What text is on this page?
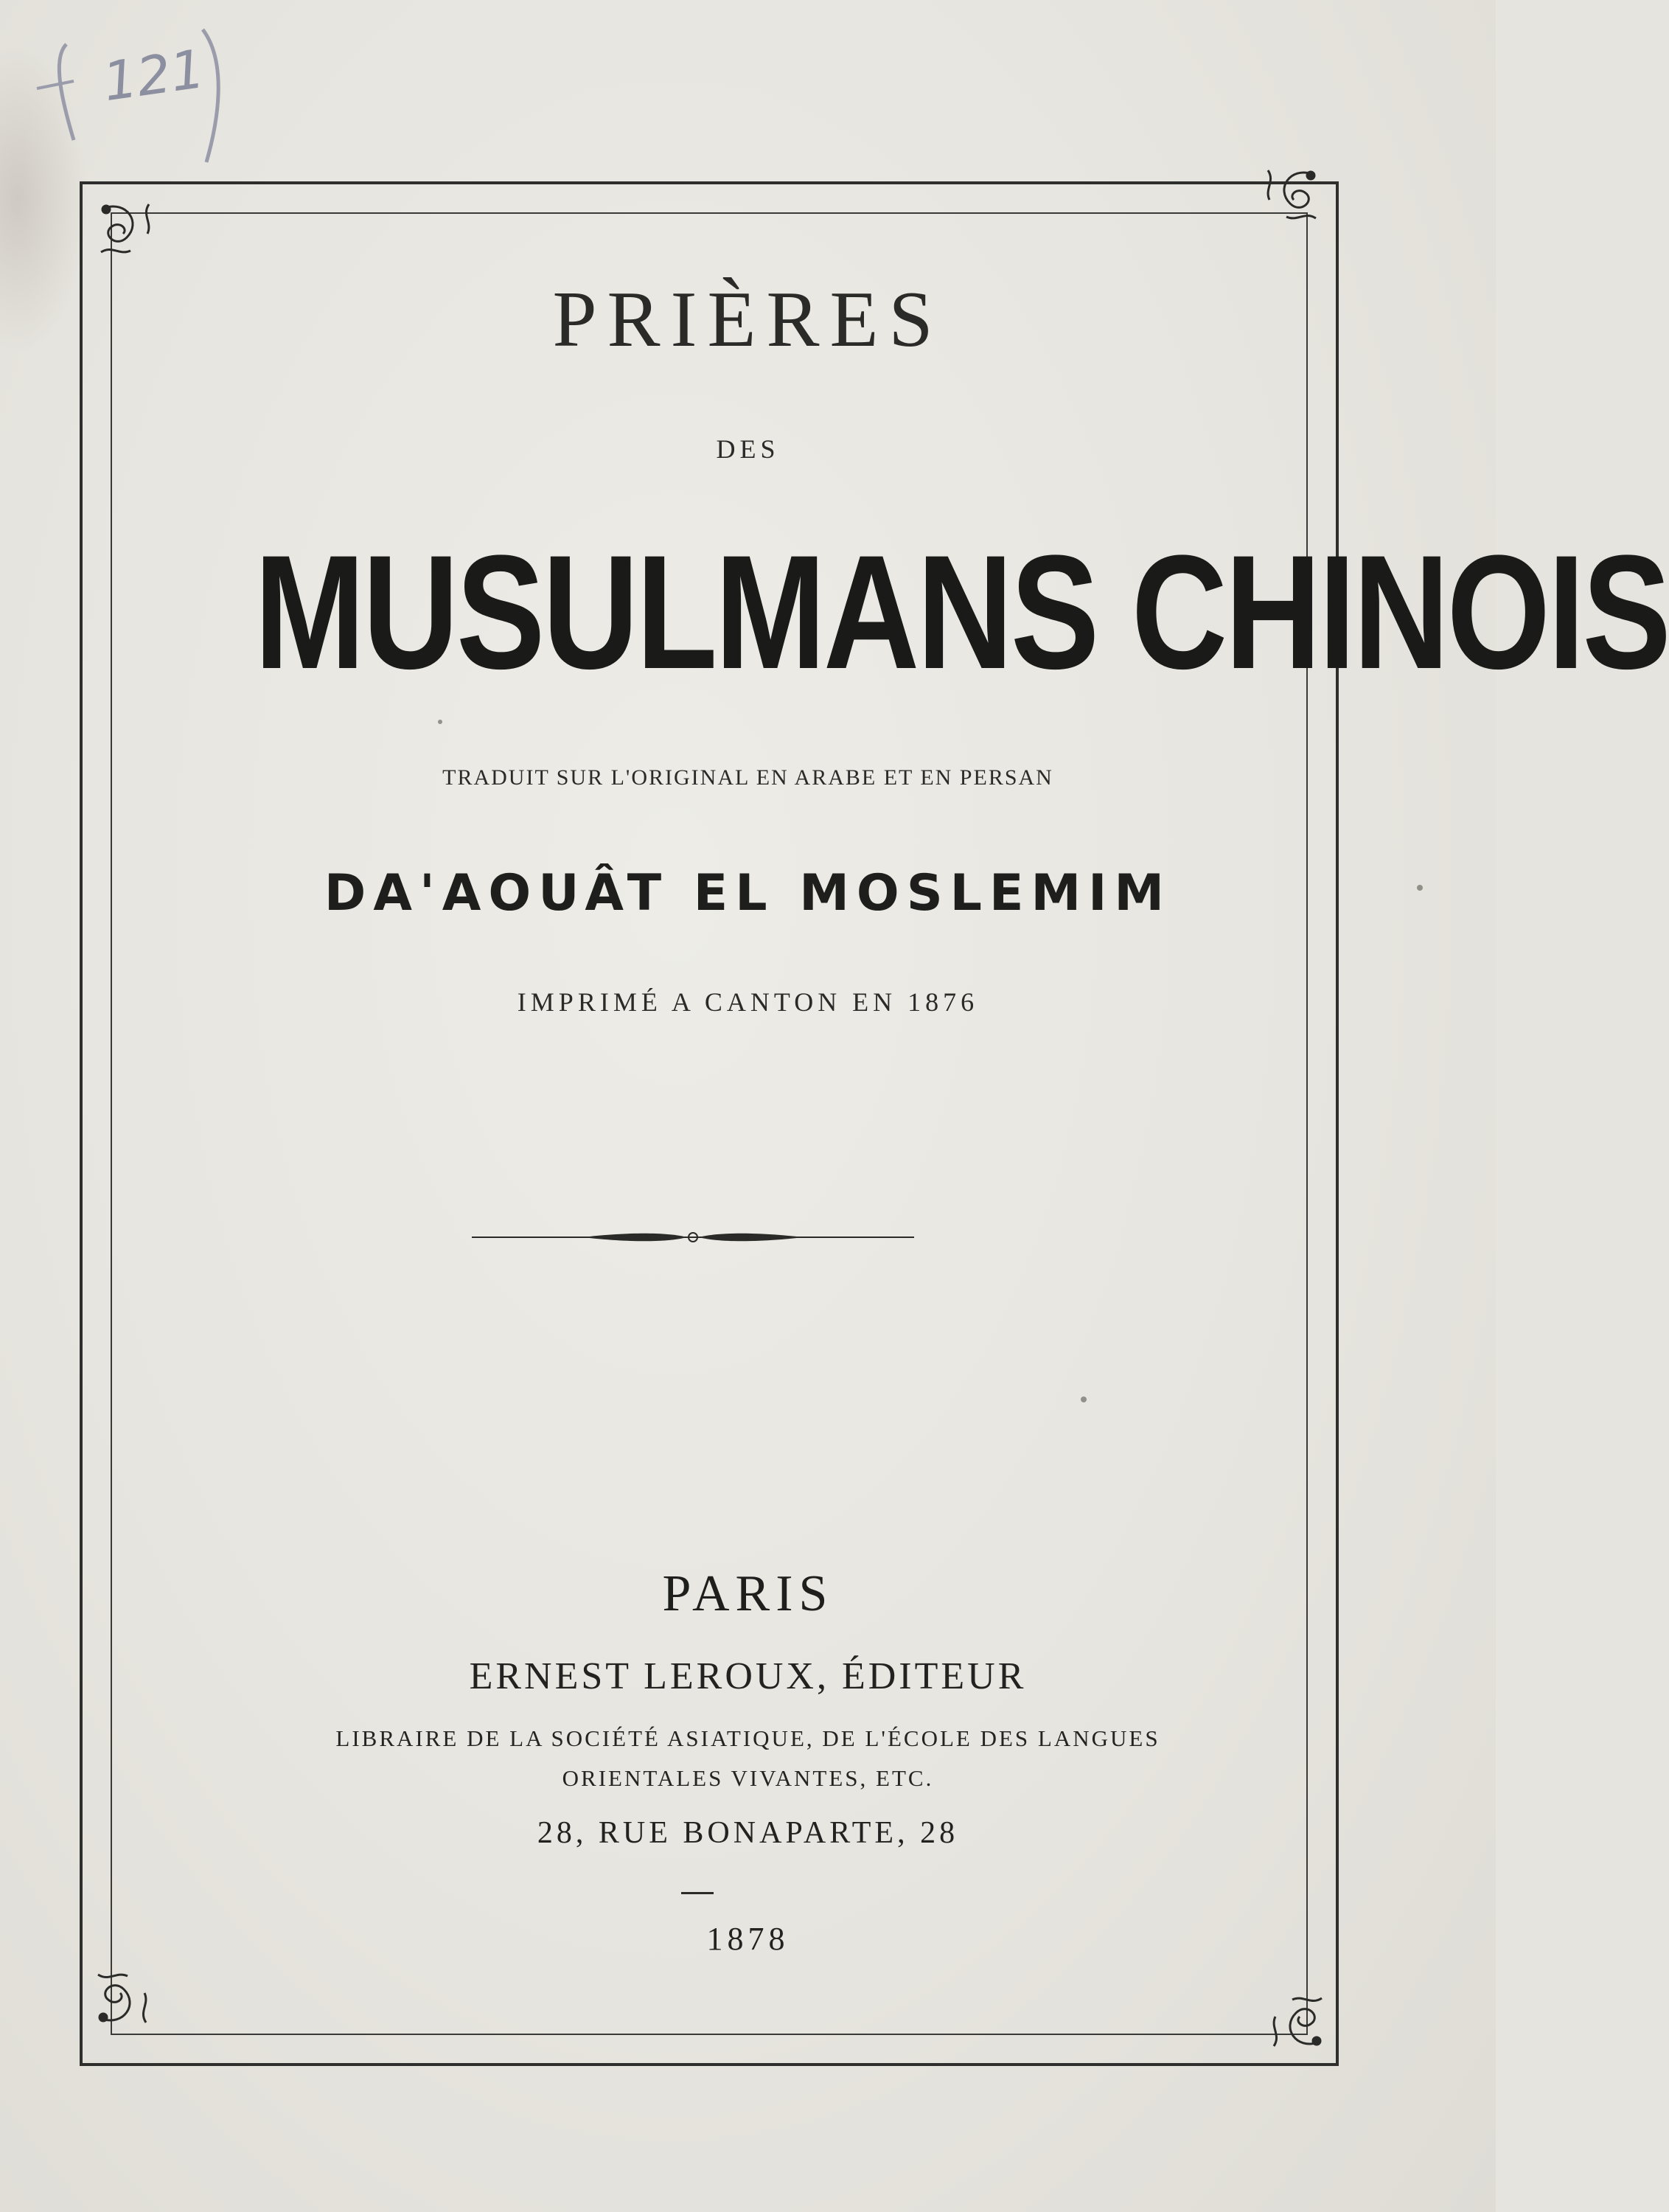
121
PRIÈRES
DES
MUSULMANS CHINOIS
TRADUIT SUR L'ORIGINAL EN ARABE ET EN PERSAN
DA'AOUÂT EL MOSLEMIM
IMPRIMÉ A CANTON EN 1876
PARIS
ERNEST LEROUX, ÉDITEUR
LIBRAIRE DE LA SOCIÉTÉ ASIATIQUE, DE L'ÉCOLE DES LANGUES
ORIENTALES VIVANTES, ETC.
28, RUE BONAPARTE, 28
1878
